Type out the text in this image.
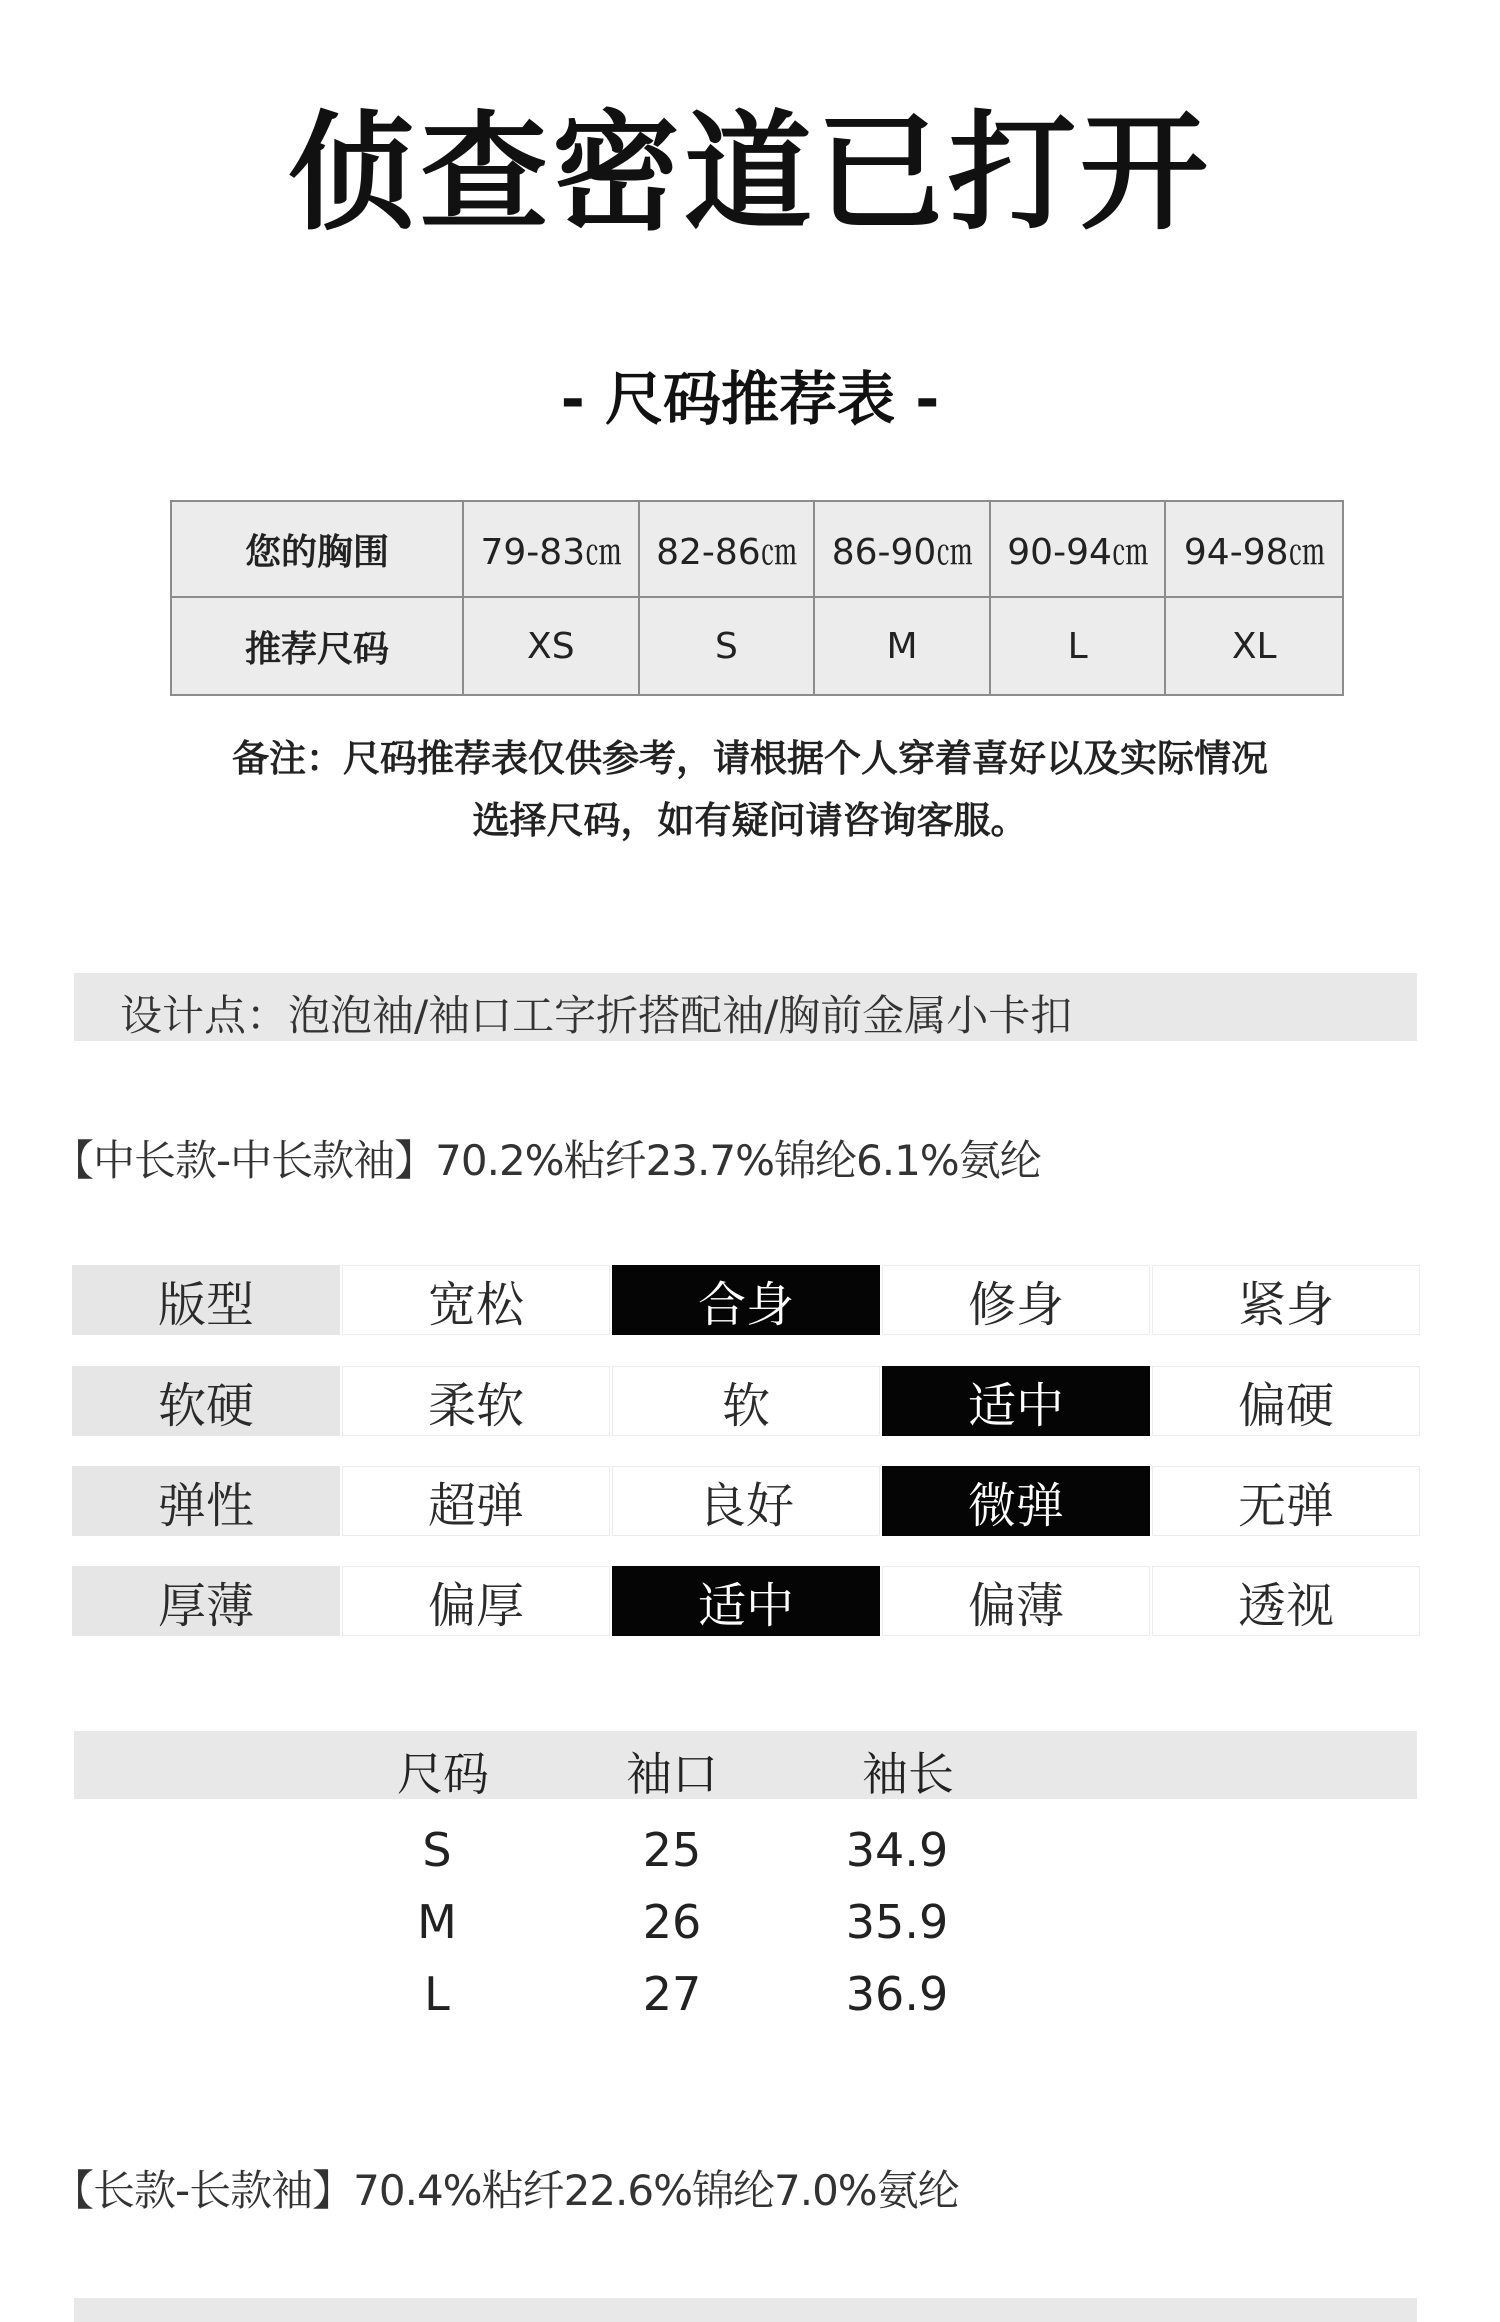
侦查密道已打开
- 尺码推荐表 -
您的胸围	79-83㎝ 82-86㎝ 86-90㎝ 90-94㎝	94-98㎝
推荐尺码	XS	S	M	L	XL
备注：尺码推荐表仅供参考，请根据个人穿着喜好以及实际情况
选择尺码，如有疑问请咨询客服。
设计点：泡泡袖/袖口工字折搭配袖/胸前金属小卡扣
【中长款-中长款袖】70.2%粘纤23.7%锦纶6.1%氨纶
版型	宽松	合身	修身	紧身
软硬	柔软	软	适中	偏硬
弹性	超弹	良好	微弹	无弹
厚薄	偏厚	适中	偏薄	透视
尺码	袖口	袖长
S	25	34.9
M	26	35.9
L	27	36.9
【长款-长款袖】70.4%粘纤22.6%锦纶7.0%氨纶
